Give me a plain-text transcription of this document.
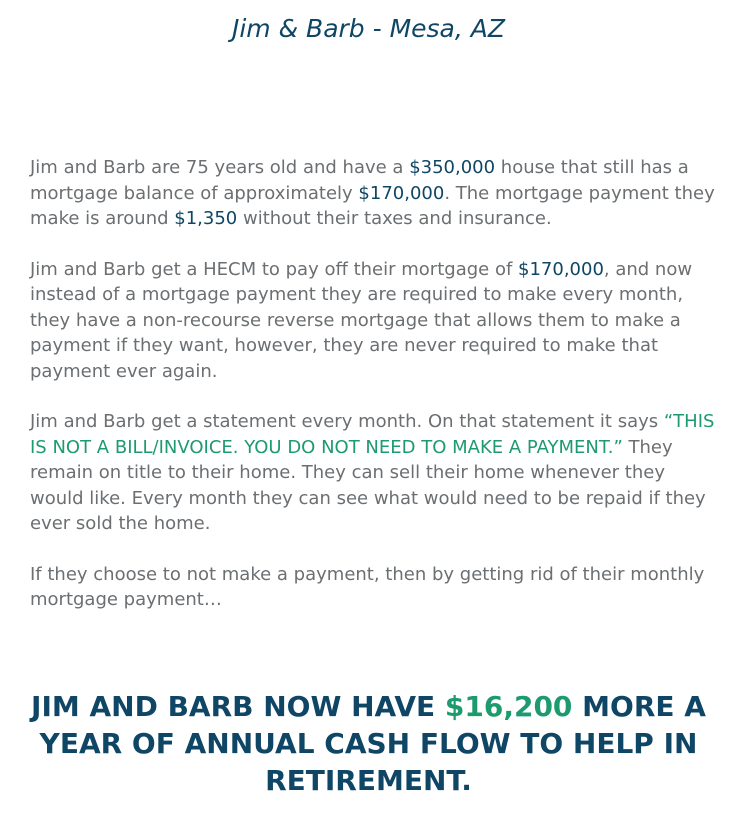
Jim & Barb - Mesa, AZ

Jim and Barb are 75 years old and have a $350,000 house that still has a mortgage balance of approximately $170,000. The mortgage payment they make is around $1,350 without their taxes and insurance.

Jim and Barb get a HECM to pay off their mortgage of $170,000, and now instead of a mortgage payment they are required to make every month, they have a non-recourse reverse mortgage that allows them to make a payment if they want, however, they are never required to make that payment ever again.

Jim and Barb get a statement every month. On that statement it says “THIS IS NOT A BILL/INVOICE. YOU DO NOT NEED TO MAKE A PAYMENT.” They remain on title to their home. They can sell their home whenever they would like. Every month they can see what would need to be repaid if they ever sold the home.

If they choose to not make a payment, then by getting rid of their monthly mortgage payment…

JIM AND BARB NOW HAVE $16,200 MORE A YEAR OF ANNUAL CASH FLOW TO HELP IN RETIREMENT.
